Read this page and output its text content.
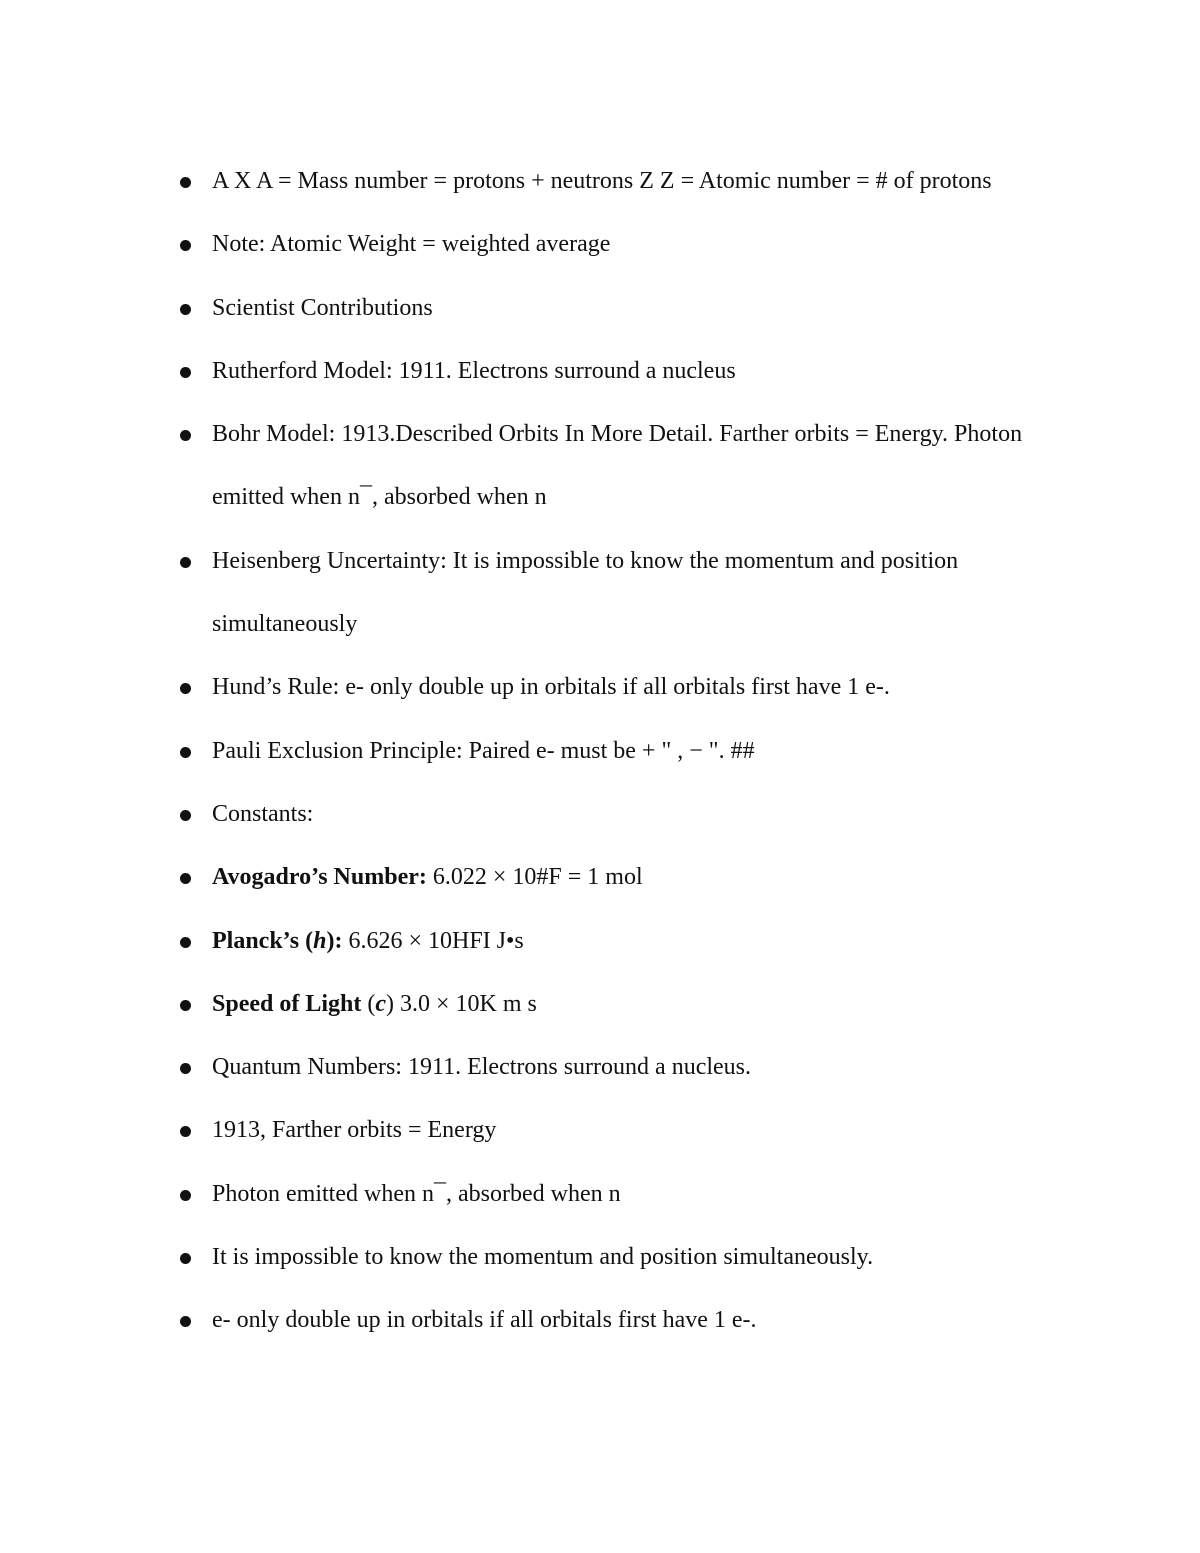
A X A = Mass number = protons + neutrons Z Z = Atomic number = # of protons
Note: Atomic Weight = weighted average
Scientist Contributions
Rutherford Model: 1911. Electrons surround a nucleus
Bohr Model: 1913.Described Orbits In More Detail. Farther orbits = Energy. Photon emitted when n¯, absorbed when n
Heisenberg Uncertainty: It is impossible to know the momentum and position simultaneously
Hund’s Rule: e- only double up in orbitals if all orbitals first have 1 e-.
Pauli Exclusion Principle: Paired e- must be + " , − ". ##
Constants:
Avogadro’s Number: 6.022 × 10#F = 1 mol
Planck’s (h): 6.626 × 10HFI J•s
Speed of Light (c) 3.0 × 10K m s
Quantum Numbers: 1911. Electrons surround a nucleus.
1913, Farther orbits = Energy
Photon emitted when n¯, absorbed when n
It is impossible to know the momentum and position simultaneously.
e- only double up in orbitals if all orbitals first have 1 e-.
